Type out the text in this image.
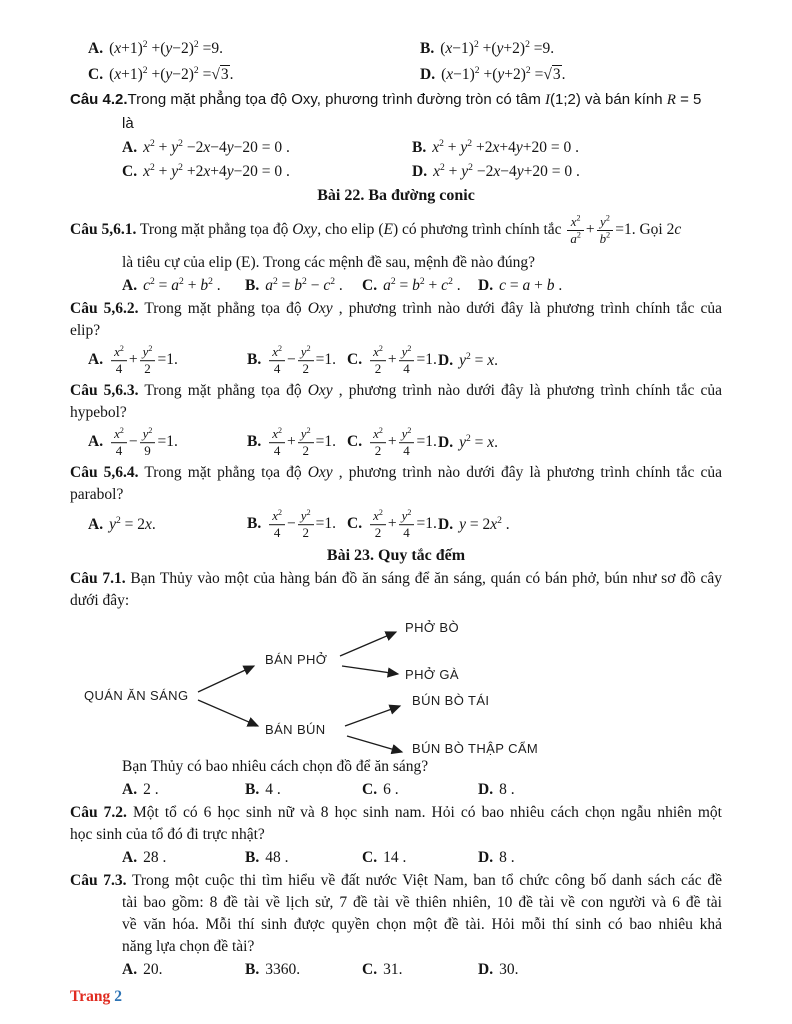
A. $(x+1)^2 +(y-2)^2 =9$.	B. $(x-1)^2 +(y+2)^2 =9$.
C. $(x+1)^2 +(y-2)^2 =√3$.	D. $(x-1)^2 +(y+2)^2 =√3$.
Câu 4.2.Trong mặt phẳng tọa độ Oxy, phương trình đường tròn có tâm I(1;2) và bán kính R = 5
là
A. $x^2 + y^2 -2x-4y-20 = 0$ .	B. $x^2 + y^2 +2x+4y+20 = 0$ .
C. $x^2 + y^2 +2x+4y-20 = 0$ .	D. $x^2 + y^2 -2x-4y+20 = 0$ .
Bài 22. Ba đường conic
Câu 5,6.1. Trong mặt phẳng tọa độ Oxy, cho elip (E) có phương trình chính tắc $\frac{x^2}{a^2} + \frac{y^2}{b^2} =1$. Gọi 2c
là tiêu cự của elip (E). Trong các mệnh đề sau, mệnh đề nào đúng?
A. $c^2 = a^2 + b^2$ . B. $a^2 = b^2 - c^2$ . C. $a^2 = b^2 + c^2$ . D. c = a + b .
Câu 5,6.2. Trong mặt phẳng tọa độ Oxy , phương trình nào dưới đây là phương trình chính tắc của
elip?
A. $\frac{x^2}{4} + \frac{y^2}{2} =1$.	B. $\frac{x^2}{4} - \frac{y^2}{2} =1$. C. $\frac{x^2}{2} + \frac{y^2}{4} =1$. D. $y^2 = x$.
Câu 5,6.3. Trong mặt phẳng tọa độ Oxy , phương trình nào dưới đây là phương trình chính tắc của
hypebol?
A. $\frac{x^2}{4} - \frac{y^2}{9} =1$.	B. $\frac{x^2}{4} + \frac{y^2}{2} =1$. C. $\frac{x^2}{2} + \frac{y^2}{4} =1$. D. $y^2 = x$.
Câu 5,6.4. Trong mặt phẳng tọa độ Oxy , phương trình nào dưới đây là phương trình chính tắc của
parabol?
A. $y^2 = 2x$.	B. $\frac{x^2}{4} - \frac{y^2}{2} =1$. C. $\frac{x^2}{2} + \frac{y^2}{4} =1$. D. $y = 2x^2$ .
Bài 23. Quy tắc đếm
Câu 7.1. Bạn Thủy vào một của hàng bán đồ ăn sáng để ăn sáng, quán có bán phở, bún như sơ đồ cây
dưới đây:
QUÁN ĂN SÁNG
BÁN PHỞ
BÁN BÚN
PHỞ BÒ
PHỞ GÀ
BÚN BÒ TÁI
BÚN BÒ THẬP CẨM
Bạn Thủy có bao nhiêu cách chọn đồ để ăn sáng?
A. 2 .	B. 4 .	C. 6 .	D. 8 .
Câu 7.2. Một tổ có 6 học sinh nữ và 8 học sinh nam. Hỏi có bao nhiêu cách chọn ngẫu nhiên một
học sinh của tổ đó đi trực nhật?
A. 28 .	B. 48 .	C. 14 .	D. 8 .
Câu 7.3. Trong một cuộc thi tìm hiểu về đất nước Việt Nam, ban tổ chức công bố danh sách các đề
tài bao gồm: 8 đề tài về lịch sử, 7 đề tài về thiên nhiên, 10 đề tài về con người và 6 đề tài
về văn hóa. Mỗi thí sinh được quyền chọn một đề tài. Hỏi mỗi thí sinh có bao nhiêu khả
năng lựa chọn đề tài?
A. 20.	B. 3360.	C. 31.	D. 30.
Trang 2
